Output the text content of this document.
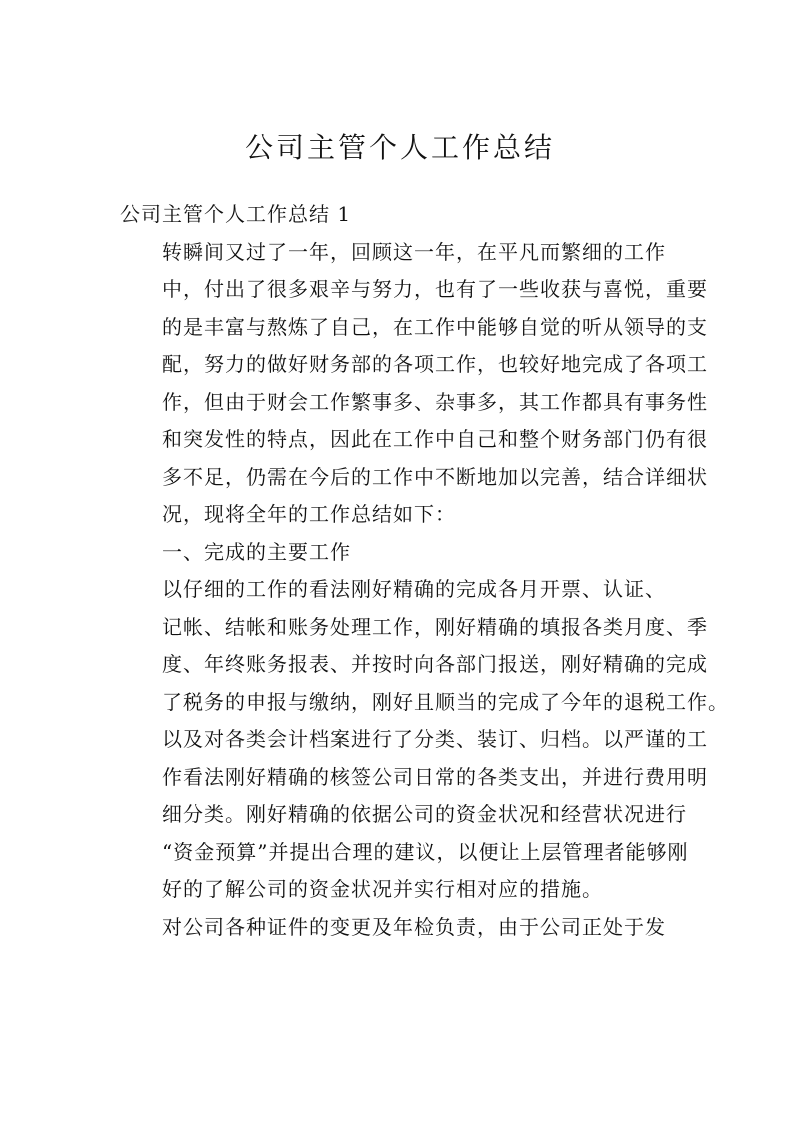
公司主管个人工作总结

公司主管个人工作总结 1

转瞬间又过了一年，回顾这一年，在平凡而繁细的工作
中，付出了很多艰辛与努力，也有了一些收获与喜悦，重要
的是丰富与熬炼了自己，在工作中能够自觉的听从领导的支
配，努力的做好财务部的各项工作，也较好地完成了各项工
作，但由于财会工作繁事多、杂事多，其工作都具有事务性
和突发性的特点，因此在工作中自己和整个财务部门仍有很
多不足，仍需在今后的工作中不断地加以完善，结合详细状
况，现将全年的工作总结如下：

一、完成的主要工作

以仔细的工作的看法刚好精确的完成各月开票、认证、
记帐、结帐和账务处理工作，刚好精确的填报各类月度、季
度、年终账务报表、并按时向各部门报送，刚好精确的完成
了税务的申报与缴纳，刚好且顺当的完成了今年的退税工作。
以及对各类会计档案进行了分类、装订、归档。以严谨的工
作看法刚好精确的核签公司日常的各类支出，并进行费用明
细分类。刚好精确的依据公司的资金状况和经营状况进行
“资金预算”并提出合理的建议，以便让上层管理者能够刚
好的了解公司的资金状况并实行相对应的措施。

对公司各种证件的变更及年检负责，由于公司正处于发
